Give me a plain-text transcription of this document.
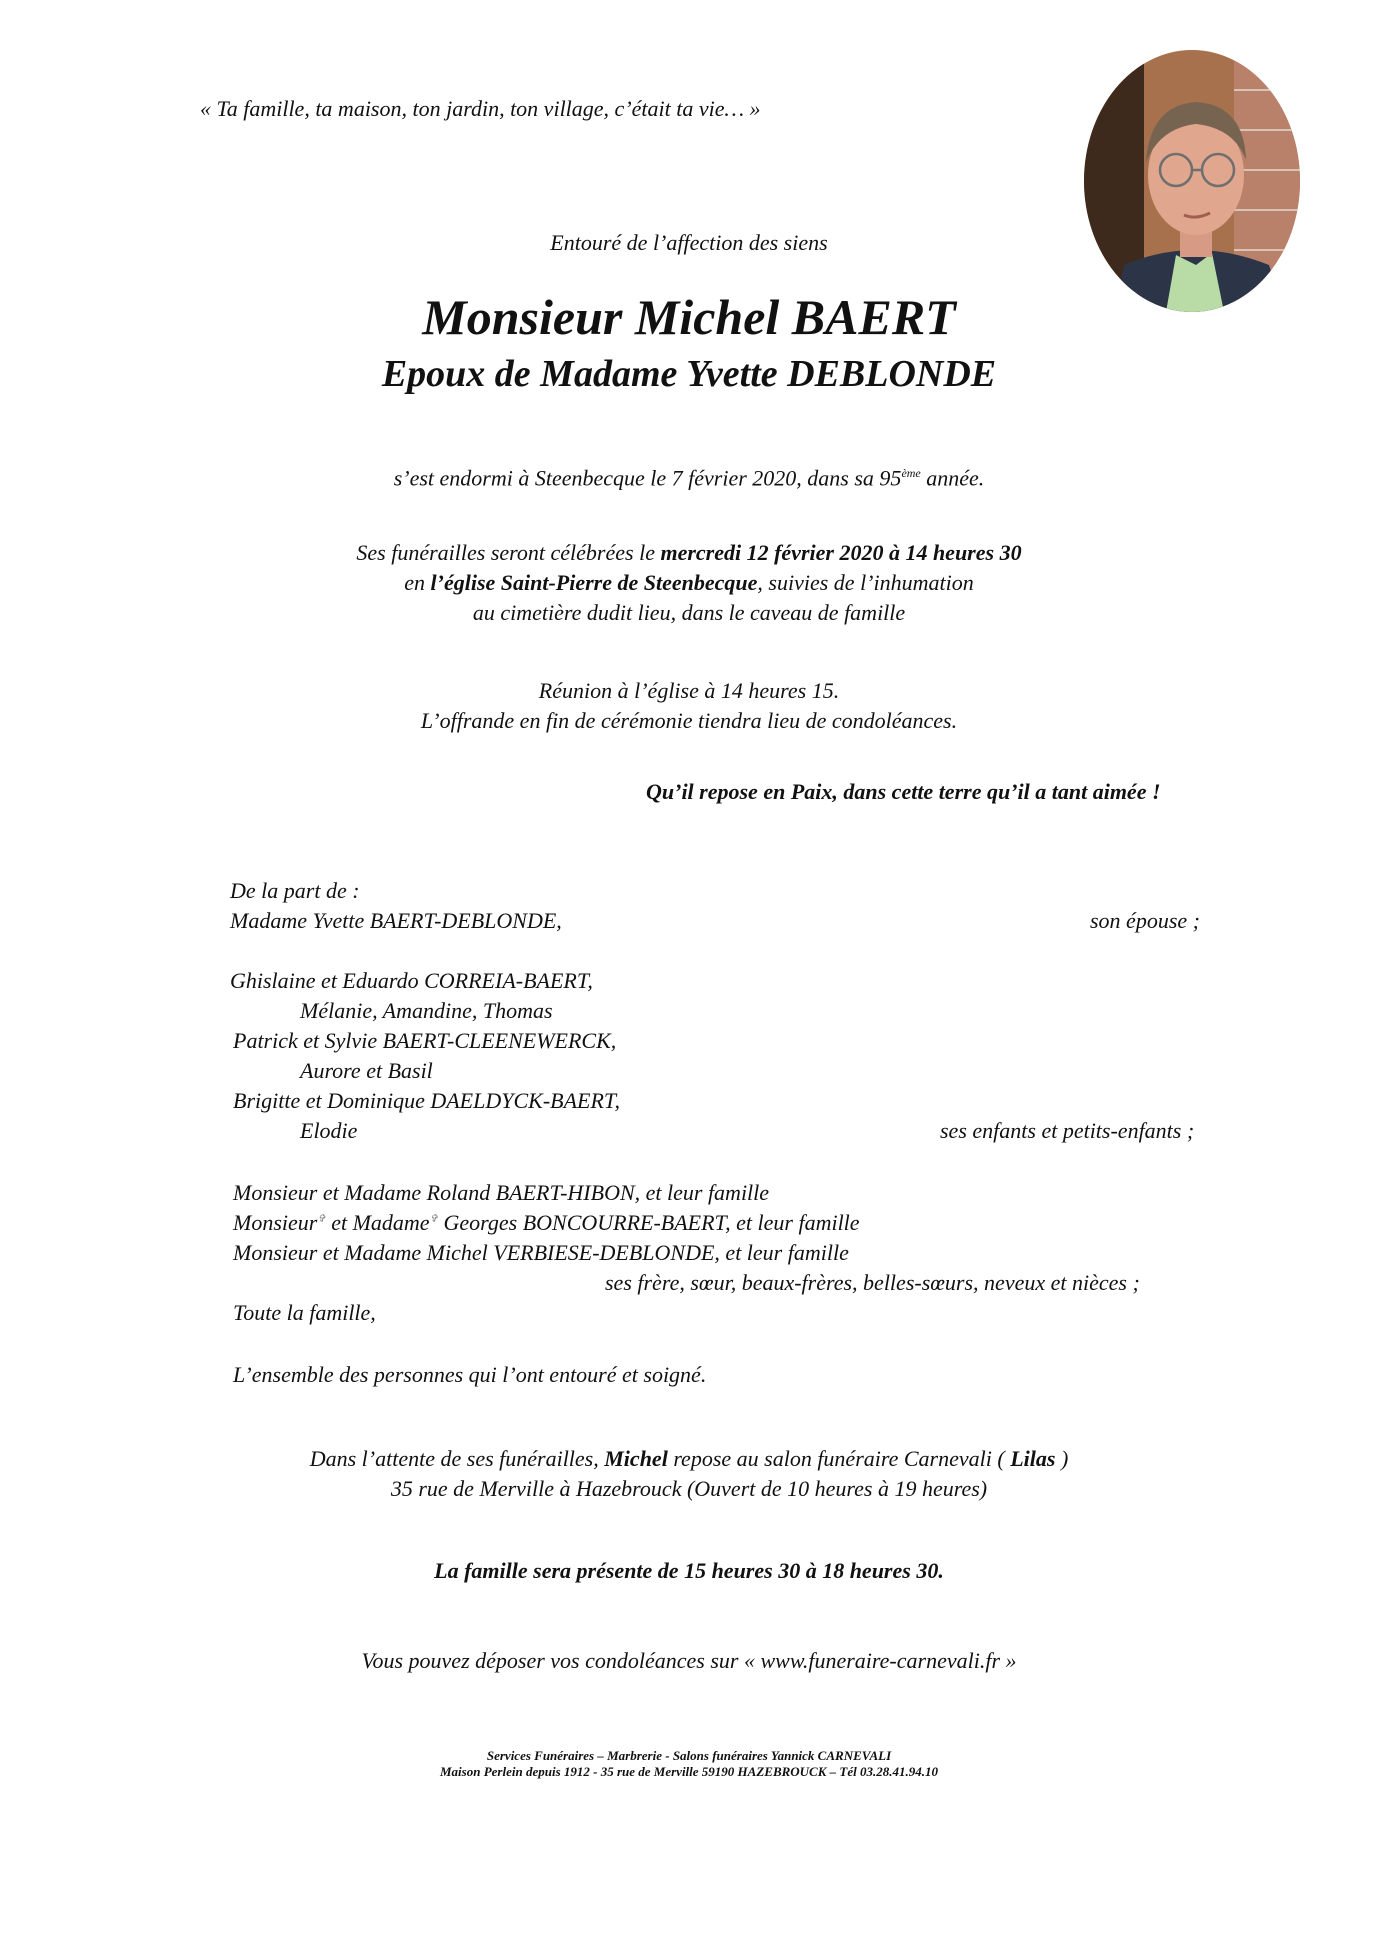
« Ta famille, ta maison, ton jardin, ton village, c’était ta vie… »
Entouré de l’affection des siens
Monsieur Michel BAERT
Epoux de Madame Yvette DEBLONDE
s’est endormi à Steenbecque le 7 février 2020, dans sa 95ème année.
Ses funérailles seront célébrées le mercredi 12 février 2020 à 14 heures 30
en l’église Saint-Pierre de Steenbecque, suivies de l’inhumation
au cimetière dudit lieu, dans le caveau de famille
Réunion à l’église à 14 heures 15.
L’offrande en fin de cérémonie tiendra lieu de condoléances.
Qu’il repose en Paix, dans cette terre qu’il a tant aimée !
De la part de :
Madame Yvette BAERT-DEBLONDE,	son épouse ;
Ghislaine et Eduardo CORREIA-BAERT,
Mélanie, Amandine, Thomas
Patrick et Sylvie BAERT-CLEENEWERCK,
Aurore et Basil
Brigitte et Dominique DAELDYCK-BAERT,
Elodie	ses enfants et petits-enfants ;
Monsieur et Madame Roland BAERT-HIBON, et leur famille
Monsieur✞ et Madame✞ Georges BONCOURRE-BAERT, et leur famille
Monsieur et Madame Michel VERBIESE-DEBLONDE, et leur famille
ses frère, sœur, beaux-frères, belles-sœurs, neveux et nièces ;
Toute la famille,
L’ensemble des personnes qui l’ont entouré et soigné.
Dans l’attente de ses funérailles, Michel repose au salon funéraire Carnevali ( Lilas )
35 rue de Merville à Hazebrouck (Ouvert de 10 heures à 19 heures)
La famille sera présente de 15 heures 30 à 18 heures 30.
Vous pouvez déposer vos condoléances sur « www.funeraire-carnevali.fr »
Services Funéraires – Marbrerie - Salons funéraires Yannick CARNEVALI
Maison Perlein depuis 1912 - 35 rue de Merville 59190 HAZEBROUCK – Tél 03.28.41.94.10
